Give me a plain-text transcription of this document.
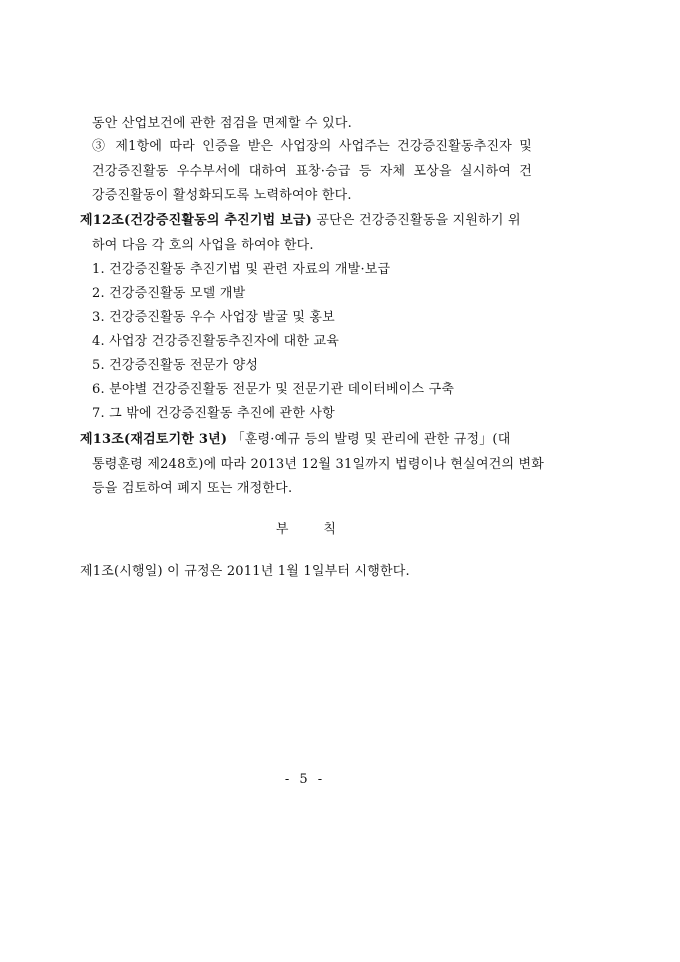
동안 산업보건에 관한 점검을 면제할 수 있다.
③ 제1항에 따라 인증을 받은 사업장의 사업주는 건강증진활동추진자 및
건강증진활동 우수부서에 대하여 표창·승급 등 자체 포상을 실시하여 건
강증진활동이 활성화되도록 노력하여야 한다.
제12조(건강증진활동의 추진기법 보급) 공단은 건강증진활동을 지원하기 위
하여 다음 각 호의 사업을 하여야 한다.
1. 건강증진활동 추진기법 및 관련 자료의 개발·보급
2. 건강증진활동 모델 개발
3. 건강증진활동 우수 사업장 발굴 및 홍보
4. 사업장 건강증진활동추진자에 대한 교육
5. 건강증진활동 전문가 양성
6. 분야별 건강증진활동 전문가 및 전문기관 데이터베이스 구축
7. 그 밖에 건강증진활동 추진에 관한 사항
제13조(재검토기한 3년) 「훈령·예규 등의 발령 및 관리에 관한 규정」(대
통령훈령 제248호)에 따라 2013년 12월 31일까지 법령이나 현실여건의 변화
등을 검토하여 폐지 또는 개정한다.
부        칙
제1조(시행일) 이 규정은 2011년 1월 1일부터 시행한다.
- 5 -
